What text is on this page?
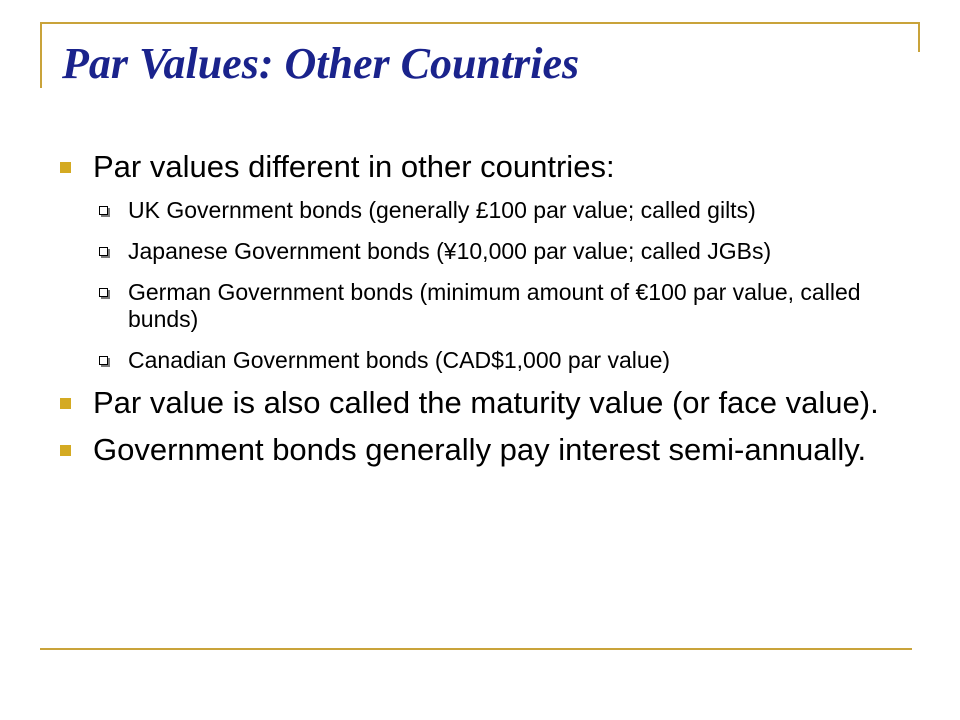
Par Values: Other Countries
Par values different in other countries:
UK Government bonds (generally £100 par value; called gilts)
Japanese Government bonds (¥10,000 par value; called JGBs)
German Government bonds (minimum amount of €100 par value, called bunds)
Canadian Government bonds (CAD$1,000 par value)
Par value is also called the maturity value (or face value).
Government bonds generally pay interest semi-annually.
